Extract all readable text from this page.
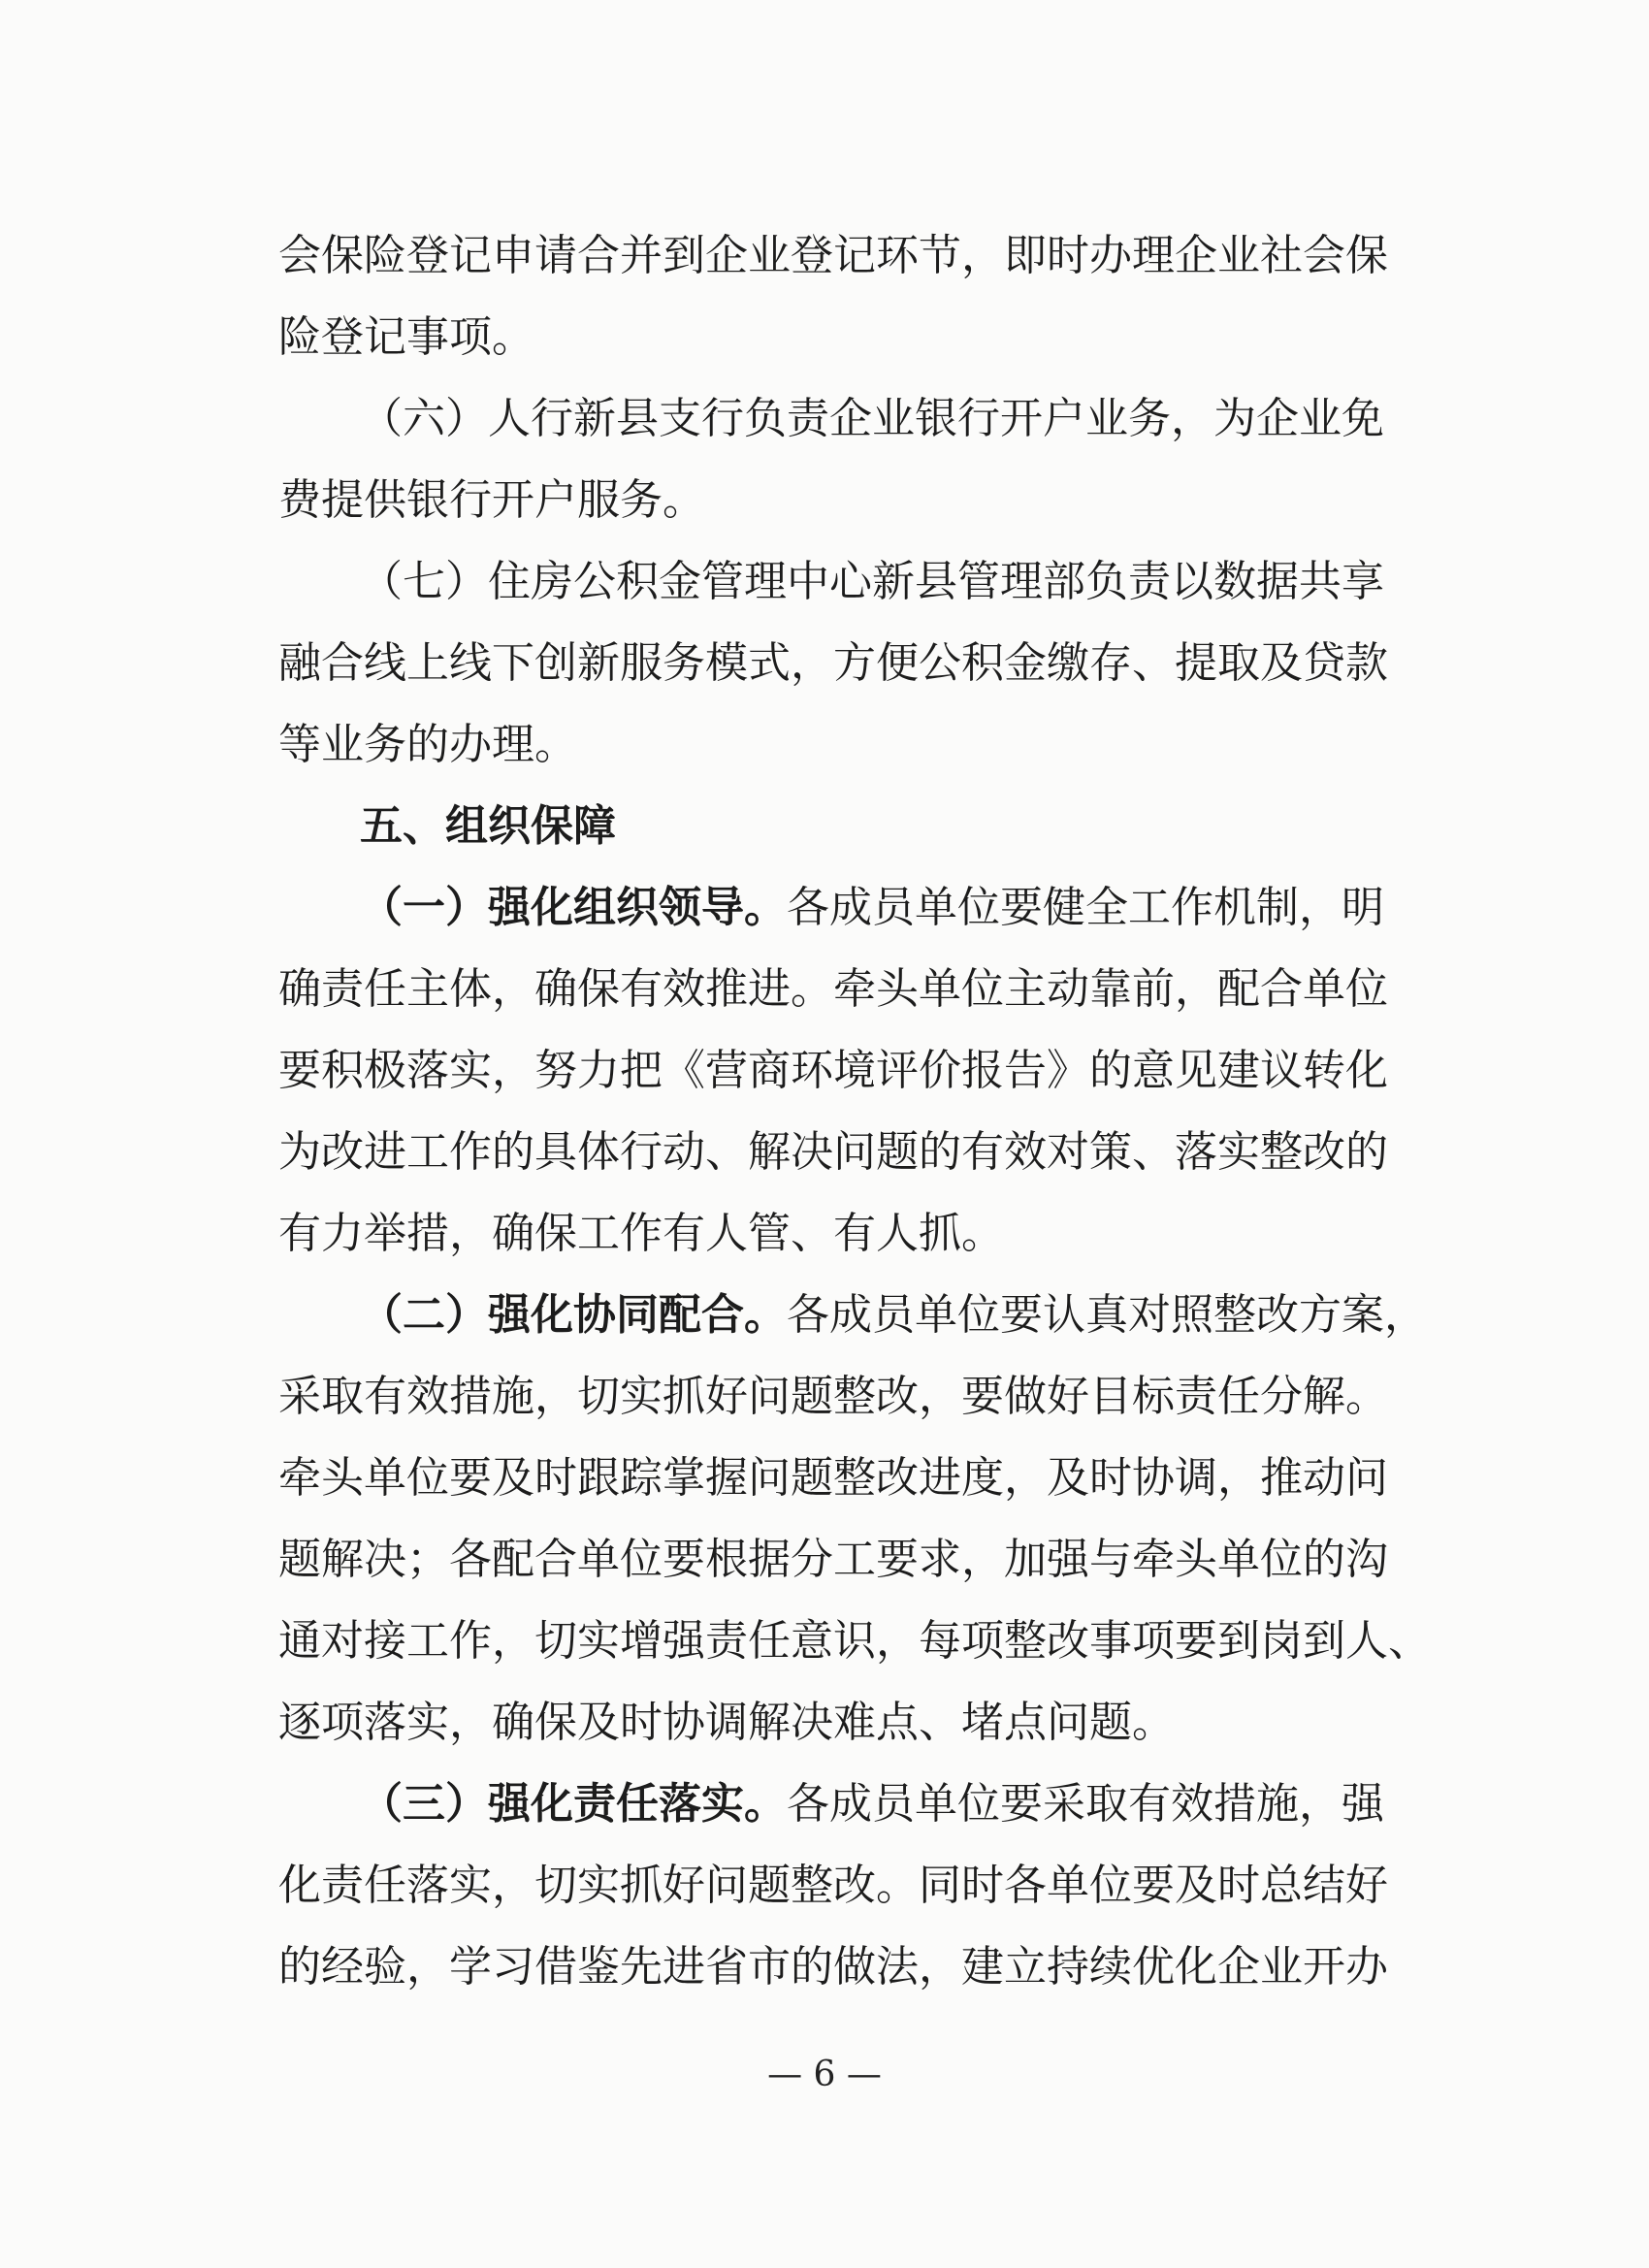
会保险登记申请合并到企业登记环节，即时办理企业社会保
险登记事项。
（六）人行新县支行负责企业银行开户业务，为企业免
费提供银行开户服务。
（七）住房公积金管理中心新县管理部负责以数据共享
融合线上线下创新服务模式，方便公积金缴存、提取及贷款
等业务的办理。
五、组织保障
（一）强化组织领导。各成员单位要健全工作机制，明
确责任主体，确保有效推进。牵头单位主动靠前，配合单位
要积极落实，努力把《营商环境评价报告》的意见建议转化
为改进工作的具体行动、解决问题的有效对策、落实整改的
有力举措，确保工作有人管、有人抓。
（二）强化协同配合。各成员单位要认真对照整改方案，
采取有效措施，切实抓好问题整改，要做好目标责任分解。
牵头单位要及时跟踪掌握问题整改进度，及时协调，推动问
题解决；各配合单位要根据分工要求，加强与牵头单位的沟
通对接工作，切实增强责任意识，每项整改事项要到岗到人、
逐项落实，确保及时协调解决难点、堵点问题。
（三）强化责任落实。各成员单位要采取有效措施，强
化责任落实，切实抓好问题整改。同时各单位要及时总结好
的经验，学习借鉴先进省市的做法，建立持续优化企业开办
— 6 —
